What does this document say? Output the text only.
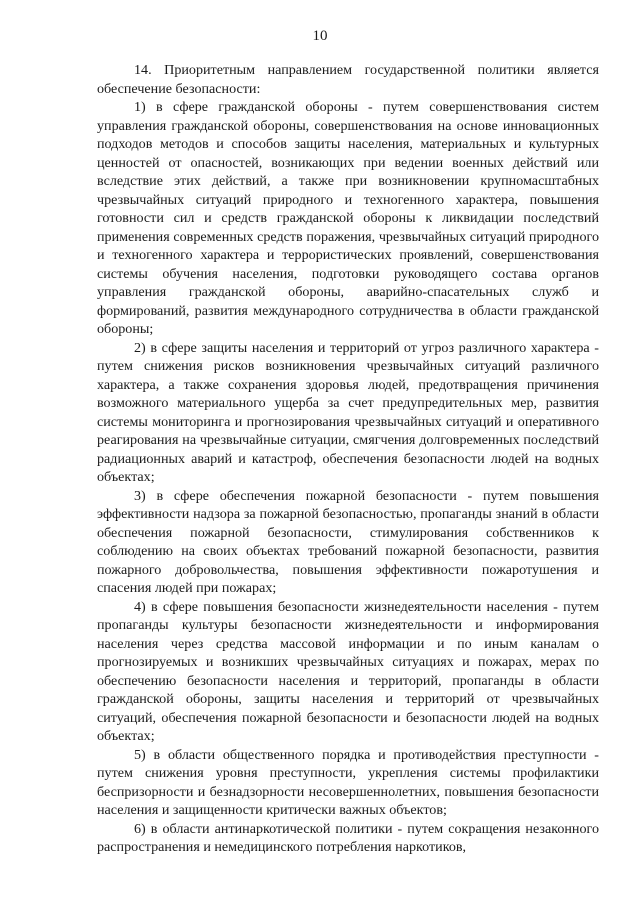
10

14. Приоритетным направлением государственной политики является обеспечение безопасности:

1) в сфере гражданской обороны - путем совершенствования систем управления гражданской обороны, совершенствования на основе инновационных подходов методов и способов защиты населения, материальных и культурных ценностей от опасностей, возникающих при ведении военных действий или вследствие этих действий, а также при возникновении крупномасштабных чрезвычайных ситуаций природного и техногенного характера, повышения готовности сил и средств гражданской обороны к ликвидации последствий применения современных средств поражения, чрезвычайных ситуаций природного и техногенного характера и террористических проявлений, совершенствования системы обучения населения, подготовки руководящего состава органов управления гражданской обороны, аварийно-спасательных служб и формирований, развития международного сотрудничества в области гражданской обороны;

2) в сфере защиты населения и территорий от угроз различного характера - путем снижения рисков возникновения чрезвычайных ситуаций различного характера, а также сохранения здоровья людей, предотвращения причинения возможного материального ущерба за счет предупредительных мер, развития системы мониторинга и прогнозирования чрезвычайных ситуаций и оперативного реагирования на чрезвычайные ситуации, смягчения долговременных последствий радиационных аварий и катастроф, обеспечения безопасности людей на водных объектах;

3) в сфере обеспечения пожарной безопасности - путем повышения эффективности надзора за пожарной безопасностью, пропаганды знаний в области обеспечения пожарной безопасности, стимулирования собственников к соблюдению на своих объектах требований пожарной безопасности, развития пожарного добровольчества, повышения эффективности пожаротушения и спасения людей при пожарах;

4) в сфере повышения безопасности жизнедеятельности населения - путем пропаганды культуры безопасности жизнедеятельности и информирования населения через средства массовой информации и по иным каналам о прогнозируемых и возникших чрезвычайных ситуациях и пожарах, мерах по обеспечению безопасности населения и территорий, пропаганды в области гражданской обороны, защиты населения и территорий от чрезвычайных ситуаций, обеспечения пожарной безопасности и безопасности людей на водных объектах;

5) в области общественного порядка и противодействия преступности - путем снижения уровня преступности, укрепления системы профилактики беспризорности и безнадзорности несовершеннолетних, повышения безопасности населения и защищенности критически важных объектов;

6) в области антинаркотической политики - путем сокращения незаконного распространения и немедицинского потребления наркотиков,
